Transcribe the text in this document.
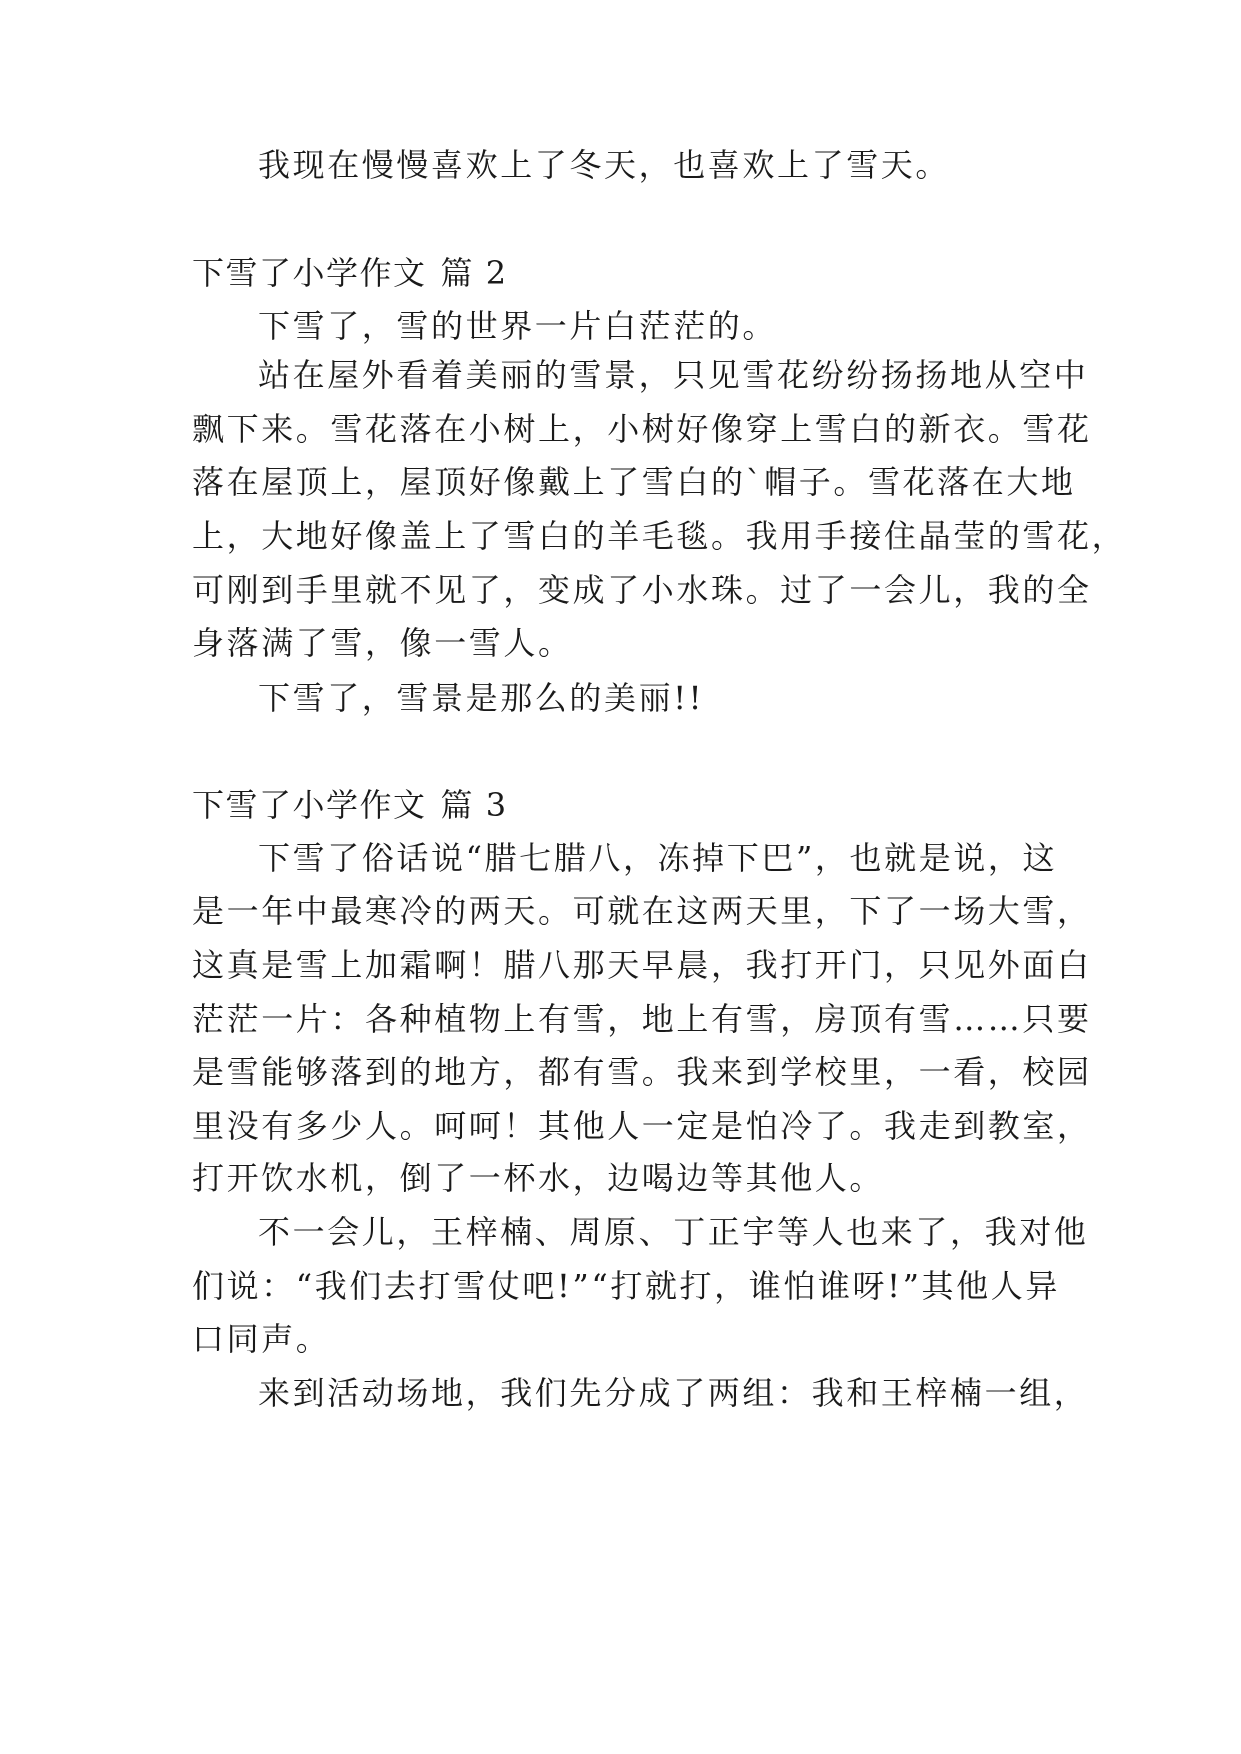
我现在慢慢喜欢上了冬天，也喜欢上了雪天。
下雪了小学作文 篇 2
下雪了，雪的世界一片白茫茫的。
站在屋外看着美丽的雪景，只见雪花纷纷扬扬地从空中
飘下来。雪花落在小树上，小树好像穿上雪白的新衣。雪花
落在屋顶上，屋顶好像戴上了雪白的`帽子。雪花落在大地
上，大地好像盖上了雪白的羊毛毯。我用手接住晶莹的雪花，
可刚到手里就不见了，变成了小水珠。过了一会儿，我的全
身落满了雪，像一雪人。
下雪了，雪景是那么的美丽!!
下雪了小学作文 篇 3
下雪了俗话说“腊七腊八，冻掉下巴”，也就是说，这
是一年中最寒冷的两天。可就在这两天里，下了一场大雪，
这真是雪上加霜啊！腊八那天早晨，我打开门，只见外面白
茫茫一片：各种植物上有雪，地上有雪，房顶有雪……只要
是雪能够落到的地方，都有雪。我来到学校里，一看，校园
里没有多少人。呵呵！其他人一定是怕冷了。我走到教室，
打开饮水机，倒了一杯水，边喝边等其他人。
不一会儿，王梓楠、周原、丁正宇等人也来了，我对他
们说：“我们去打雪仗吧!”“打就打，谁怕谁呀!”其他人异
口同声。
来到活动场地，我们先分成了两组：我和王梓楠一组，
